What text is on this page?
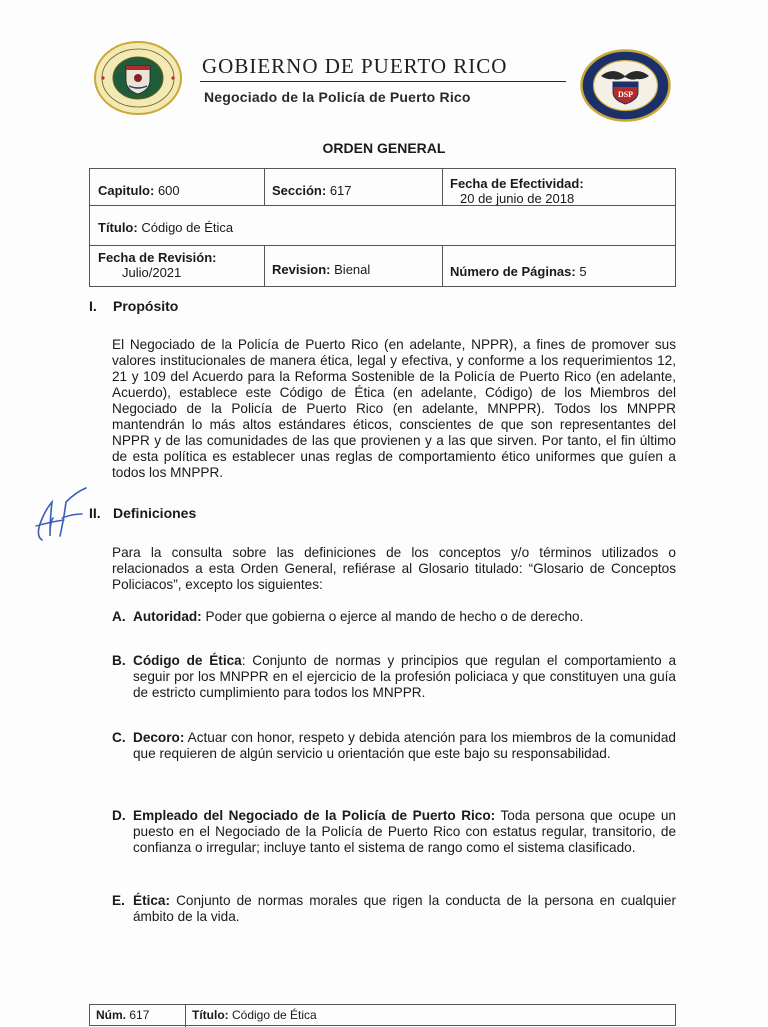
GOBIERNO DE PUERTO RICO
Negociado de la Policía de Puerto Rico	DSP
ORDEN GENERAL
Capitulo: 600	Sección: 617	Fecha de Efectividad:
20 de junio de 2018
Título: Código de Ética
Fecha de Revisión:
Julio/2021	Revision: Bienal	Número de Páginas: 5
I. Propósito
El Negociado de la Policía de Puerto Rico (en adelante, NPPR), a fines de promover sus valores institucionales de manera ética, legal y efectiva, y conforme a los requerimientos 12, 21 y 109 del Acuerdo para la Reforma Sostenible de la Policía de Puerto Rico (en adelante, Acuerdo), establece este Código de Ética (en adelante, Código) de los Miembros del Negociado de la Policía de Puerto Rico (en adelante, MNPPR). Todos los MNPPR mantendrán lo más altos estándares éticos, conscientes de que son representantes del NPPR y de las comunidades de las que provienen y a las que sirven. Por tanto, el fin último de esta política es establecer unas reglas de comportamiento ético uniformes que guíen a todos los MNPPR.
II. Definiciones
Para la consulta sobre las definiciones de los conceptos y/o términos utilizados o relacionados a esta Orden General, refiérase al Glosario titulado: “Glosario de Conceptos Policiacos”, excepto los siguientes:
A. Autoridad: Poder que gobierna o ejerce al mando de hecho o de derecho.
B. Código de Ética: Conjunto de normas y principios que regulan el comportamiento a seguir por los MNPPR en el ejercicio de la profesión policiaca y que constituyen una guía de estricto cumplimiento para todos los MNPPR.
C. Decoro: Actuar con honor, respeto y debida atención para los miembros de la comunidad que requieren de algún servicio u orientación que este bajo su responsabilidad.
D. Empleado del Negociado de la Policía de Puerto Rico: Toda persona que ocupe un puesto en el Negociado de la Policía de Puerto Rico con estatus regular, transitorio, de confianza o irregular; incluye tanto el sistema de rango como el sistema clasificado.
E. Ética: Conjunto de normas morales que rigen la conducta de la persona en cualquier ámbito de la vida.
Núm. 617	Título: Código de Ética
